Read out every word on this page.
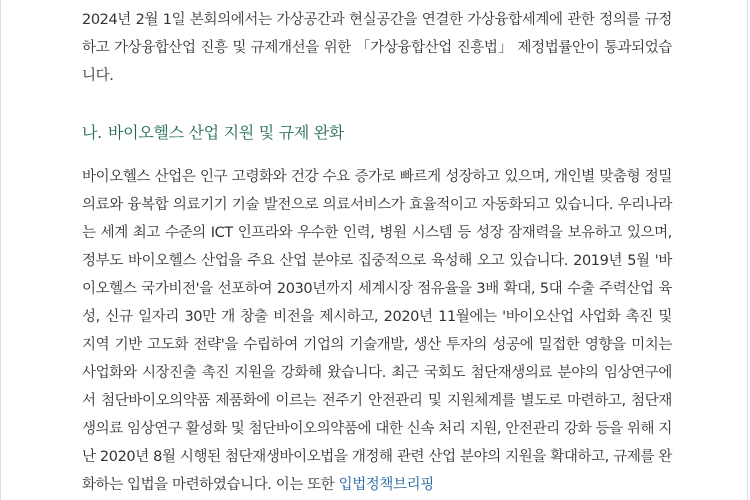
2024년 2월 1일 본회의에서는 가상공간과 현실공간을 연결한 가상융합세계에 관한 정의를 규정하고 가상융합산업 진흥 및 규제개선을 위한 「가상융합산업 진흥법」 제정법률안이 통과되었습니다.

나. 바이오헬스 산업 지원 및 규제 완화

바이오헬스 산업은 인구 고령화와 건강 수요 증가로 빠르게 성장하고 있으며, 개인별 맞춤형 정밀의료와 융복합 의료기기 기술 발전으로 의료서비스가 효율적이고 자동화되고 있습니다. 우리나라는 세계 최고 수준의 ICT 인프라와 우수한 인력, 병원 시스템 등 성장 잠재력을 보유하고 있으며, 정부도 바이오헬스 산업을 주요 산업 분야로 집중적으로 육성해 오고 있습니다. 2019년 5월 '바이오헬스 국가비전'을 선포하여 2030년까지 세계시장 점유율을 3배 확대, 5대 수출 주력산업 육성, 신규 일자리 30만 개 창출 비전을 제시하고, 2020년 11월에는 '바이오산업 사업화 촉진 및 지역 기반 고도화 전략'을 수립하여 기업의 기술개발, 생산 투자의 성공에 밀접한 영향을 미치는 사업화와 시장진출 촉진 지원을 강화해 왔습니다. 최근 국회도 첨단재생의료 분야의 임상연구에서 첨단바이오의약품 제품화에 이르는 전주기 안전관리 및 지원체계를 별도로 마련하고, 첨단재생의료 임상연구 활성화 및 첨단바이오의약품에 대한 신속 처리 지원, 안전관리 강화 등을 위해 지난 2020년 8월 시행된 첨단재생바이오법을 개정해 관련 산업 분야의 지원을 확대하고, 규제를 완화하는 입법을 마련하였습니다. 이는 또한 입법정책브리핑
